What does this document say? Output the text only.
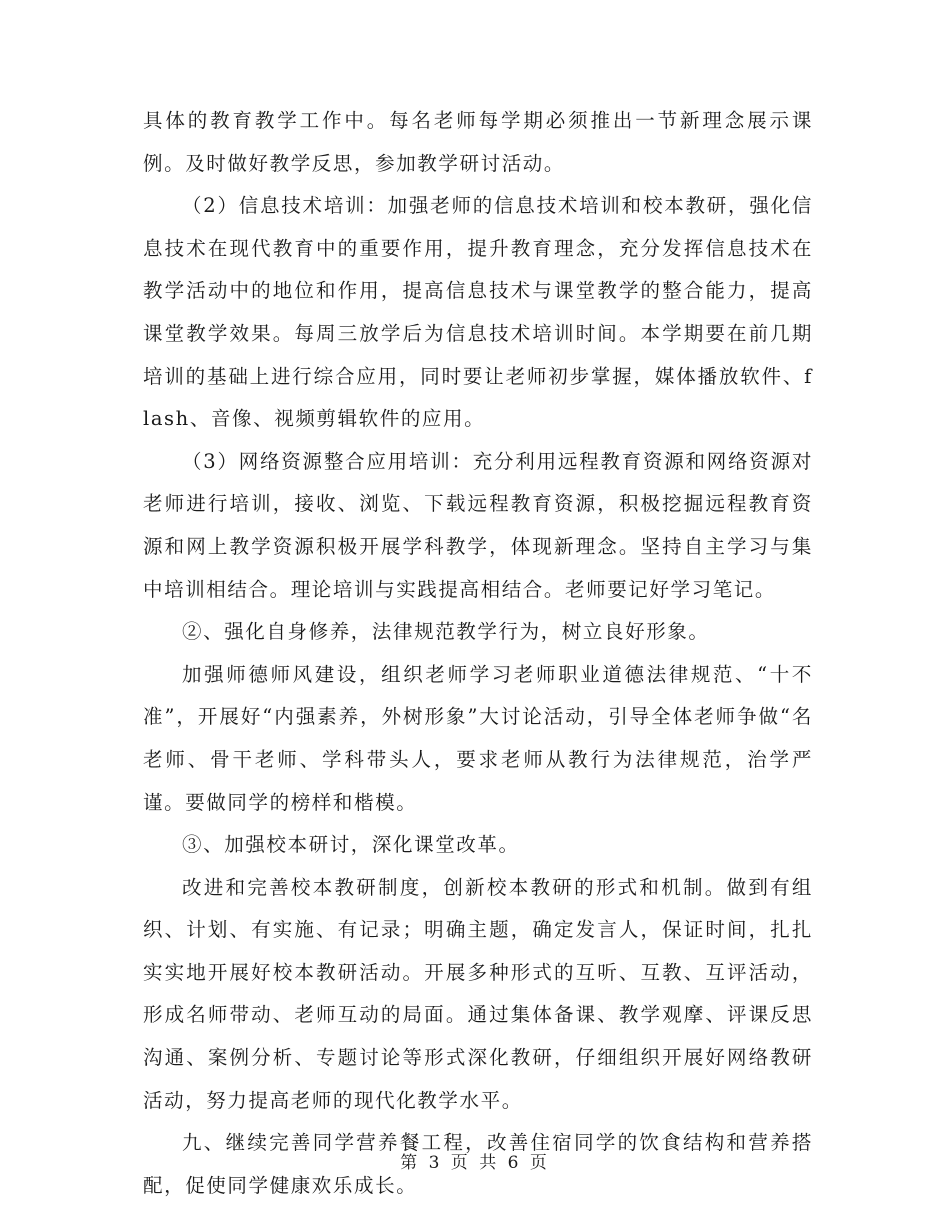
具体的教育教学工作中。每名老师每学期必须推出一节新理念展示课例。及时做好教学反思，参加教学研讨活动。

（2）信息技术培训：加强老师的信息技术培训和校本教研，强化信息技术在现代教育中的重要作用，提升教育理念，充分发挥信息技术在教学活动中的地位和作用，提高信息技术与课堂教学的整合能力，提高课堂教学效果。每周三放学后为信息技术培训时间。本学期要在前几期培训的基础上进行综合应用，同时要让老师初步掌握，媒体播放软件、flash、音像、视频剪辑软件的应用。

（3）网络资源整合应用培训：充分利用远程教育资源和网络资源对老师进行培训，接收、浏览、下载远程教育资源，积极挖掘远程教育资源和网上教学资源积极开展学科教学，体现新理念。坚持自主学习与集中培训相结合。理论培训与实践提高相结合。老师要记好学习笔记。

②、强化自身修养，法律规范教学行为，树立良好形象。

加强师德师风建设，组织老师学习老师职业道德法律规范、“十不准”，开展好“内强素养，外树形象”大讨论活动，引导全体老师争做“名老师、骨干老师、学科带头人，要求老师从教行为法律规范，治学严谨。要做同学的榜样和楷模。

③、加强校本研讨，深化课堂改革。

改进和完善校本教研制度，创新校本教研的形式和机制。做到有组织、计划、有实施、有记录；明确主题，确定发言人，保证时间，扎扎实实地开展好校本教研活动。开展多种形式的互听、互教、互评活动，形成名师带动、老师互动的局面。通过集体备课、教学观摩、评课反思沟通、案例分析、专题讨论等形式深化教研，仔细组织开展好网络教研活动，努力提高老师的现代化教学水平。

九、继续完善同学营养餐工程，改善住宿同学的饮食结构和营养搭配，促使同学健康欢乐成长。

第 3 页 共 6 页
